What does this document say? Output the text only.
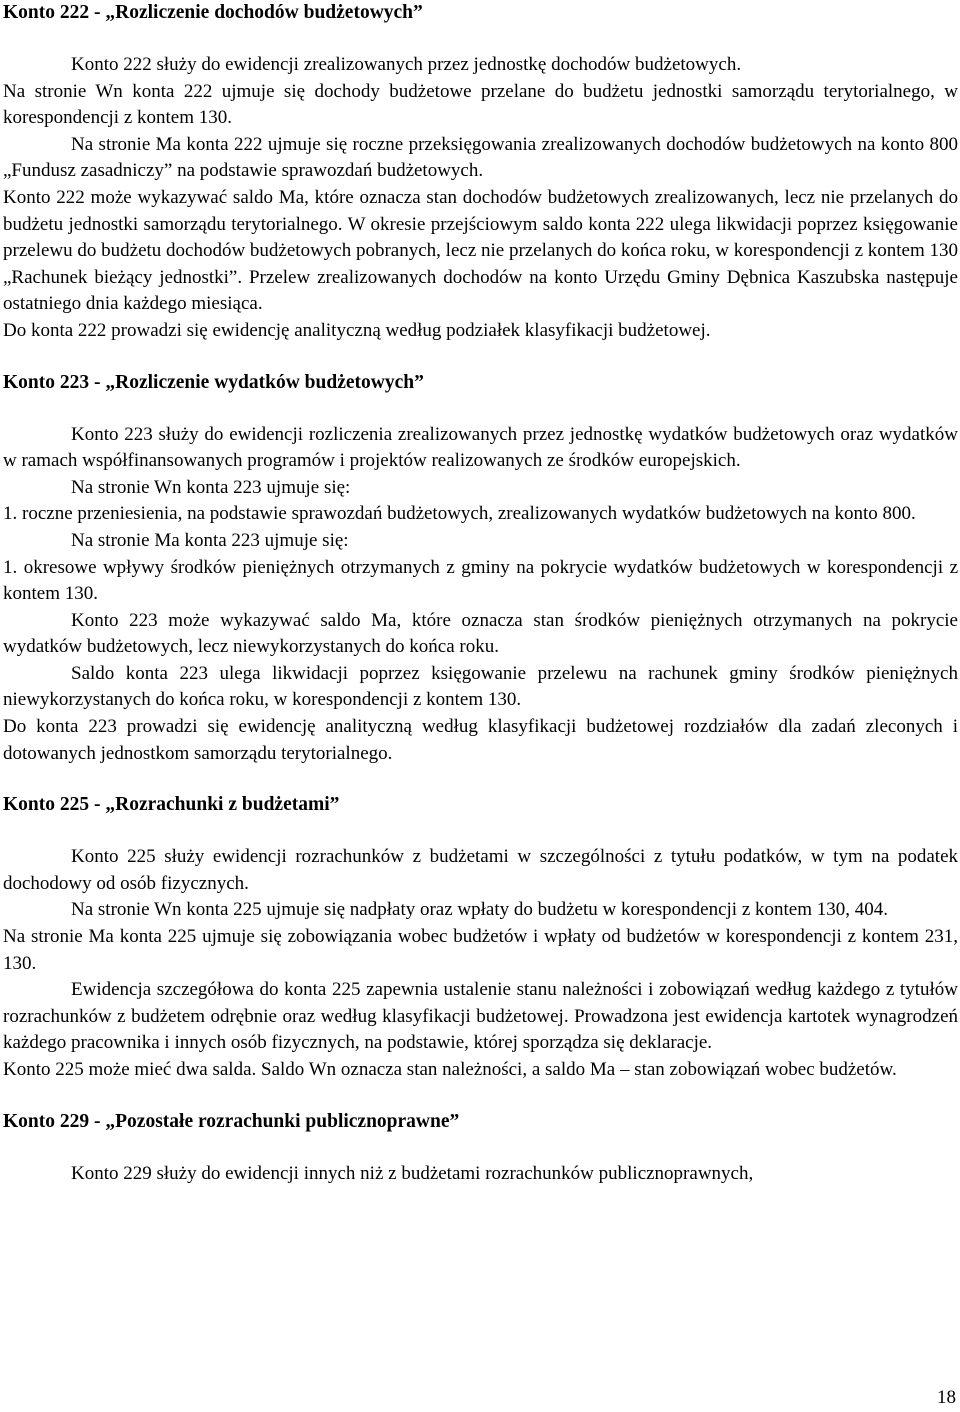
Konto 222 - „Rozliczenie dochodów budżetowych”

Konto 222 służy do ewidencji zrealizowanych przez jednostkę dochodów budżetowych.

Na stronie Wn konta 222 ujmuje się dochody budżetowe przelane do budżetu jednostki samorządu terytorialnego, w korespondencji z kontem 130.

Na stronie Ma konta 222 ujmuje się roczne przeksięgowania zrealizowanych dochodów budżetowych na konto 800 „Fundusz zasadniczy” na podstawie sprawozdań budżetowych.

Konto 222 może wykazywać saldo Ma, które oznacza stan dochodów budżetowych zrealizowanych, lecz nie przelanych do budżetu jednostki samorządu terytorialnego. W okresie przejściowym saldo konta 222 ulega likwidacji poprzez księgowanie przelewu do budżetu dochodów budżetowych pobranych, lecz nie przelanych do końca roku, w korespondencji z kontem 130 „Rachunek bieżący jednostki”. Przelew zrealizowanych dochodów na konto Urzędu Gminy Dębnica Kaszubska następuje ostatniego dnia każdego miesiąca.

Do konta 222 prowadzi się ewidencję analityczną według podziałek klasyfikacji budżetowej.

Konto 223 - „Rozliczenie wydatków budżetowych”

Konto 223 służy do ewidencji rozliczenia zrealizowanych przez jednostkę wydatków budżetowych oraz wydatków w ramach współfinansowanych programów i projektów realizowanych ze środków europejskich.

Na stronie Wn konta 223 ujmuje się:

1. roczne przeniesienia, na podstawie sprawozdań budżetowych, zrealizowanych wydatków budżetowych na konto 800.

Na stronie Ma konta 223 ujmuje się:

1. okresowe wpływy środków pieniężnych otrzymanych z gminy na pokrycie wydatków budżetowych w korespondencji z kontem 130.

Konto 223 może wykazywać saldo Ma, które oznacza stan środków pieniężnych otrzymanych na pokrycie wydatków budżetowych, lecz niewykorzystanych do końca roku.

Saldo konta 223 ulega likwidacji poprzez księgowanie przelewu na rachunek gminy środków pieniężnych niewykorzystanych do końca roku, w korespondencji z kontem 130.

Do konta 223 prowadzi się ewidencję analityczną według klasyfikacji budżetowej rozdziałów dla zadań zleconych i dotowanych jednostkom samorządu terytorialnego.

Konto 225 - „Rozrachunki z budżetami”

Konto 225 służy ewidencji rozrachunków z budżetami w szczególności z tytułu podatków, w tym na podatek dochodowy od osób fizycznych.

Na stronie Wn konta 225 ujmuje się nadpłaty oraz wpłaty do budżetu w korespondencji z kontem 130, 404.

Na stronie Ma konta 225 ujmuje się zobowiązania wobec budżetów i wpłaty od budżetów w korespondencji z kontem 231, 130.

Ewidencja szczegółowa do konta 225 zapewnia ustalenie stanu należności i zobowiązań według każdego z tytułów rozrachunków z budżetem odrębnie oraz według klasyfikacji budżetowej. Prowadzona jest ewidencja kartotek wynagrodzeń każdego pracownika i innych osób fizycznych, na podstawie, której sporządza się deklaracje.

Konto 225 może mieć dwa salda. Saldo Wn oznacza stan należności, a saldo Ma – stan zobowiązań wobec budżetów.

Konto 229 - „Pozostałe rozrachunki publicznoprawne”

Konto 229 służy do ewidencji innych niż z budżetami rozrachunków publicznoprawnych,

18
